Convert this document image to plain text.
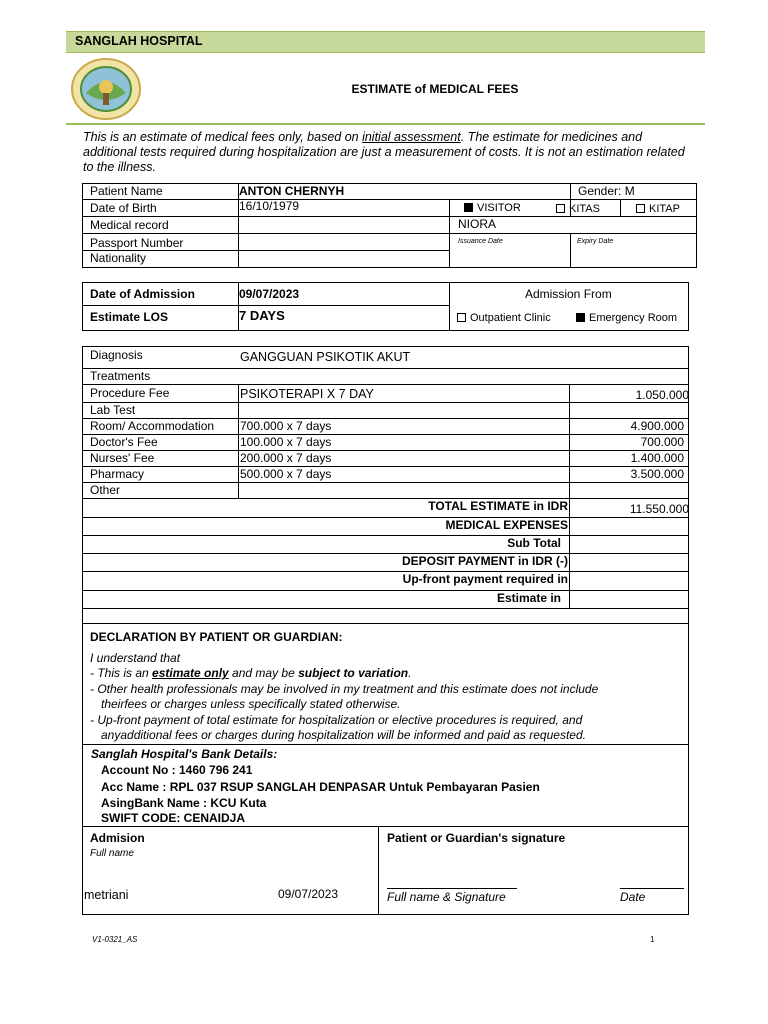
SANGLAH HOSPITAL
ESTIMATE of MEDICAL FEES
This is an estimate of medical fees only, based on initial assessment. The estimate for medicines and additional tests required during hospitalization are just a measurement of costs. It is not an estimation related to the illness.
Patient Name	ANTON CHERNYH	Gender: M
Date of Birth	16/10/1979	VISITOR	KITAS	KITAP
Medical record	NIORA
Passport Number	Issuance Date	Expiry Date
Nationality
Date of Admission	09/07/2023	Admission From
Estimate LOS	7 DAYS	Outpatient Clinic	Emergency Room
Diagnosis	GANGGUAN PSIKOTIK AKUT
Treatments
Procedure Fee	PSIKOTERAPI X 7 DAY	1.050.000
Lab Test
Room/ Accommodation 700.000 x 7 days	4.900.000
Doctor's Fee	100.000 x 7 days	700.000
Nurses' Fee	200.000 x 7 days	1.400.000
Pharmacy	500.000 x 7 days	3.500.000
Other
TOTAL ESTIMATE in IDR	11.550.000
MEDICAL EXPENSES
Sub Total
DEPOSIT PAYMENT in IDR (-)
Up-front payment required in
Estimate in
DECLARATION BY PATIENT OR GUARDIAN:
I understand that
- This is an estimate only and may be subject to variation.
- Other health professionals may be involved in my treatment and this estimate does not include
theirfees or charges unless specifically stated otherwise.
- Up-front payment of total estimate for hospitalization or elective procedures is required, and
anyadditional fees or charges during hospitalization will be informed and paid as requested.
Sanglah Hospital's Bank Details:
Account No : 1460 796 241
Acc Name : RPL 037 RSUP SANGLAH DENPASAR Untuk Pembayaran Pasien
AsingBank Name : KCU Kuta
SWIFT CODE: CENAIDJA
Admision
Full name
metriani	09/07/2023
Patient or Guardian's signature
Full name & Signature	Date
V1-0321_AS	1
